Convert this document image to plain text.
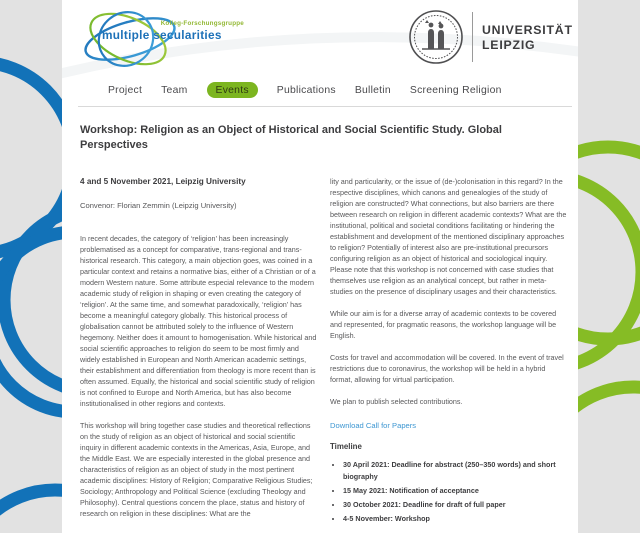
Kolleg-Forschungsgruppe
multiple secularities	UNIVERSITÄT
LEIPZIG
Project Team	Events	Publications Bulletin Screening Religion
Workshop: Religion as an Object of Historical and Social Scientific Study. Global Perspectives
4 and 5 November 2021, Leipzig University
Convenor: Florian Zemmin (Leipzig University)

In recent decades, the category of ‘religion’ has been increasingly problematised as a concept for comparative, trans-regional and trans-historical research. This category, a main objection goes, was coined in a particular context and retains a normative bias, either of a Christian or of a modern Western nature. Some attribute especial relevance to the modern academic study of religion in shaping or even creating the category of ‘religion’. At the same time, and somewhat paradoxically, ‘religion’ has become a meaningful category globally. This historical process of globalisation cannot be attributed solely to the influence of Western hegemony. Neither does it amount to homogenisation. While historical and social scientific approaches to religion do seem to be most firmly and widely established in European and North American academic settings, their establishment and differentiation from theology is more recent than is often assumed. Equally, the historical and social scientific study of religion is not confined to Europe and North America, but has also become institutionalised in other regions and contexts.

This workshop will bring together case studies and theoretical reflections on the study of religion as an object of historical and social scientific inquiry in different academic contexts in the Americas, Asia, Europe, and the Middle East. We are especially interested in the global presence and characteristics of religion as an object of study in the most pertinent academic disciplines: History of Religion; Comparative Religious Studies; Sociology; Anthropology and Political Science (excluding Theology and Philosophy). Central questions concern the place, status and history of research on religion in these disciplines: What are the

lity and particularity, or the issue of (de-)colonisation in this regard? In the respective disciplines, which canons and genealogies of the study of religion are constructed? What connections, but also barriers are there between research on religion in different academic contexts? What are the institutional, political and societal conditions facilitating or hindering the establishment and development of the mentioned disciplinary approaches to religion? Potentially of interest also are pre-institutional precursors configuring religion as an object of historical and sociological inquiry. Please note that this workshop is not concerned with case studies that themselves use religion as an analytical concept, but rather in meta-studies on the presence of disciplinary usages and their characteristics.

While our aim is for a diverse array of academic contexts to be covered and represented, for pragmatic reasons, the workshop language will be English.

Costs for travel and accommodation will be covered. In the event of travel restrictions due to coronavirus, the workshop will be held in a hybrid format, allowing for virtual participation.

We plan to publish selected contributions.

Download Call for Papers
Timeline
• 30 April 2021: Deadline for abstract (250–350 words) and short biography
• 15 May 2021: Notification of acceptance
• 30 October 2021: Deadline for draft of full paper
• 4-5 November: Workshop
